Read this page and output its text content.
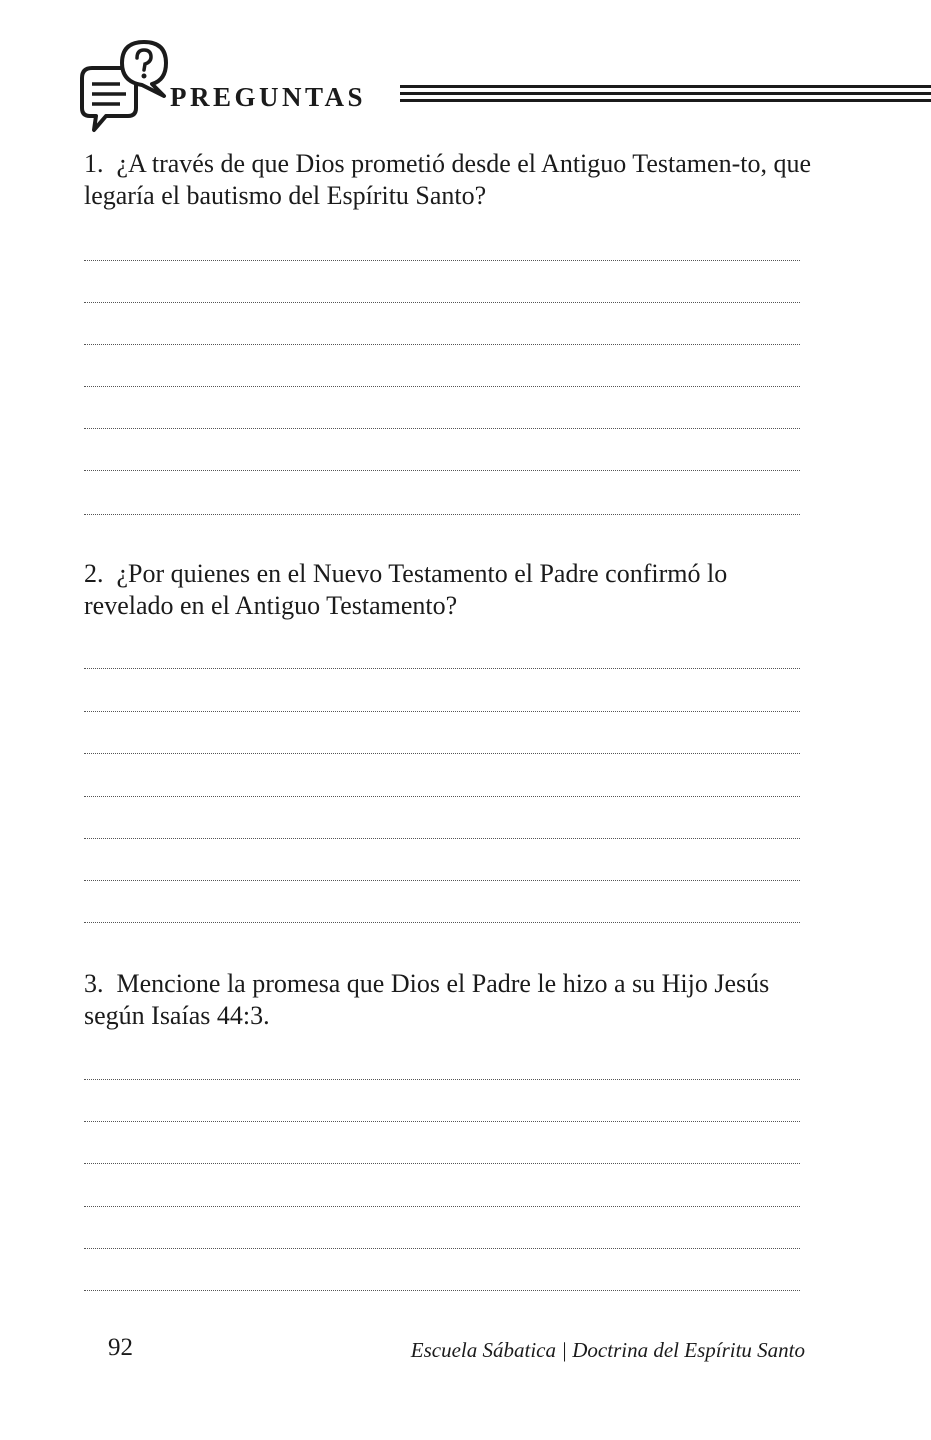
PREGUNTAS
1. ¿A través de que Dios prometió desde el Antiguo Testamen-to, que legaría el bautismo del Espíritu Santo?
2. ¿Por quienes en el Nuevo Testamento el Padre confirmó lo revelado en el Antiguo Testamento?
3. Mencione la promesa que Dios el Padre le hizo a su Hijo Jesús según Isaías 44:3.
92	Escuela Sábatica | Doctrina del Espíritu Santo
